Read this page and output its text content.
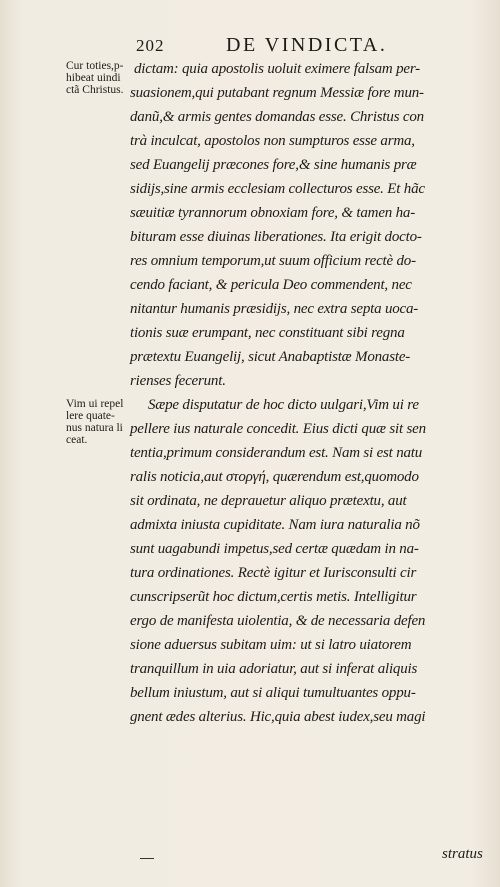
202	DE VINDICTA.
Cur toties,p-
hibeat uindi
ctã Christus.
Vim ui repel
lere quate-
nus natura li
ceat.
dictam: quia apostolis uoluit eximere falsam per-
suasionem,qui putabant regnum Messiæ fore mun-
danũ,& armis gentes domandas esse. Christus con
trà inculcat, apostolos non sumpturos esse arma,
sed Euangelij præcones fore,& sine humanis præ
sidijs,sine armis ecclesiam collecturos esse. Et hãc
sæuitiæ tyrannorum obnoxiam fore, & tamen ha-
bituram esse diuinas liberationes. Ita erigit docto-
res omnium temporum,ut suum officium rectè do-
cendo faciant, & pericula Deo commendent, nec
nitantur humanis præsidijs, nec extra septa uoca-
tionis suæ erumpant, nec constituant sibi regna
prætextu Euangelij, sicut Anabaptistæ Monaste-
rienses fecerunt.
Sæpe disputatur de hoc dicto uulgari,Vim ui re
pellere ius naturale concedit. Eius dicti quæ sit sen
tentia,primum considerandum est. Nam si est natu
ralis noticia,aut στοργή, quærendum est,quomodo
sit ordinata, ne deprauetur aliquo prætextu, aut
admixta iniusta cupiditate. Nam iura naturalia nõ
sunt uagabundi impetus,sed certæ quædam in na-
tura ordinationes. Rectè igitur et Iurisconsulti cir
cunscripserũt hoc dictum,certis metis. Intelligitur
ergo de manifesta uiolentia, & de necessaria defen
sione aduersus subitam uim: ut si latro uiatorem
tranquillum in uia adoriatur, aut si inferat aliquis
bellum iniustum, aut si aliqui tumultuantes oppu-
gnent ædes alterius. Hic,quia abest iudex,seu magi
stratus
